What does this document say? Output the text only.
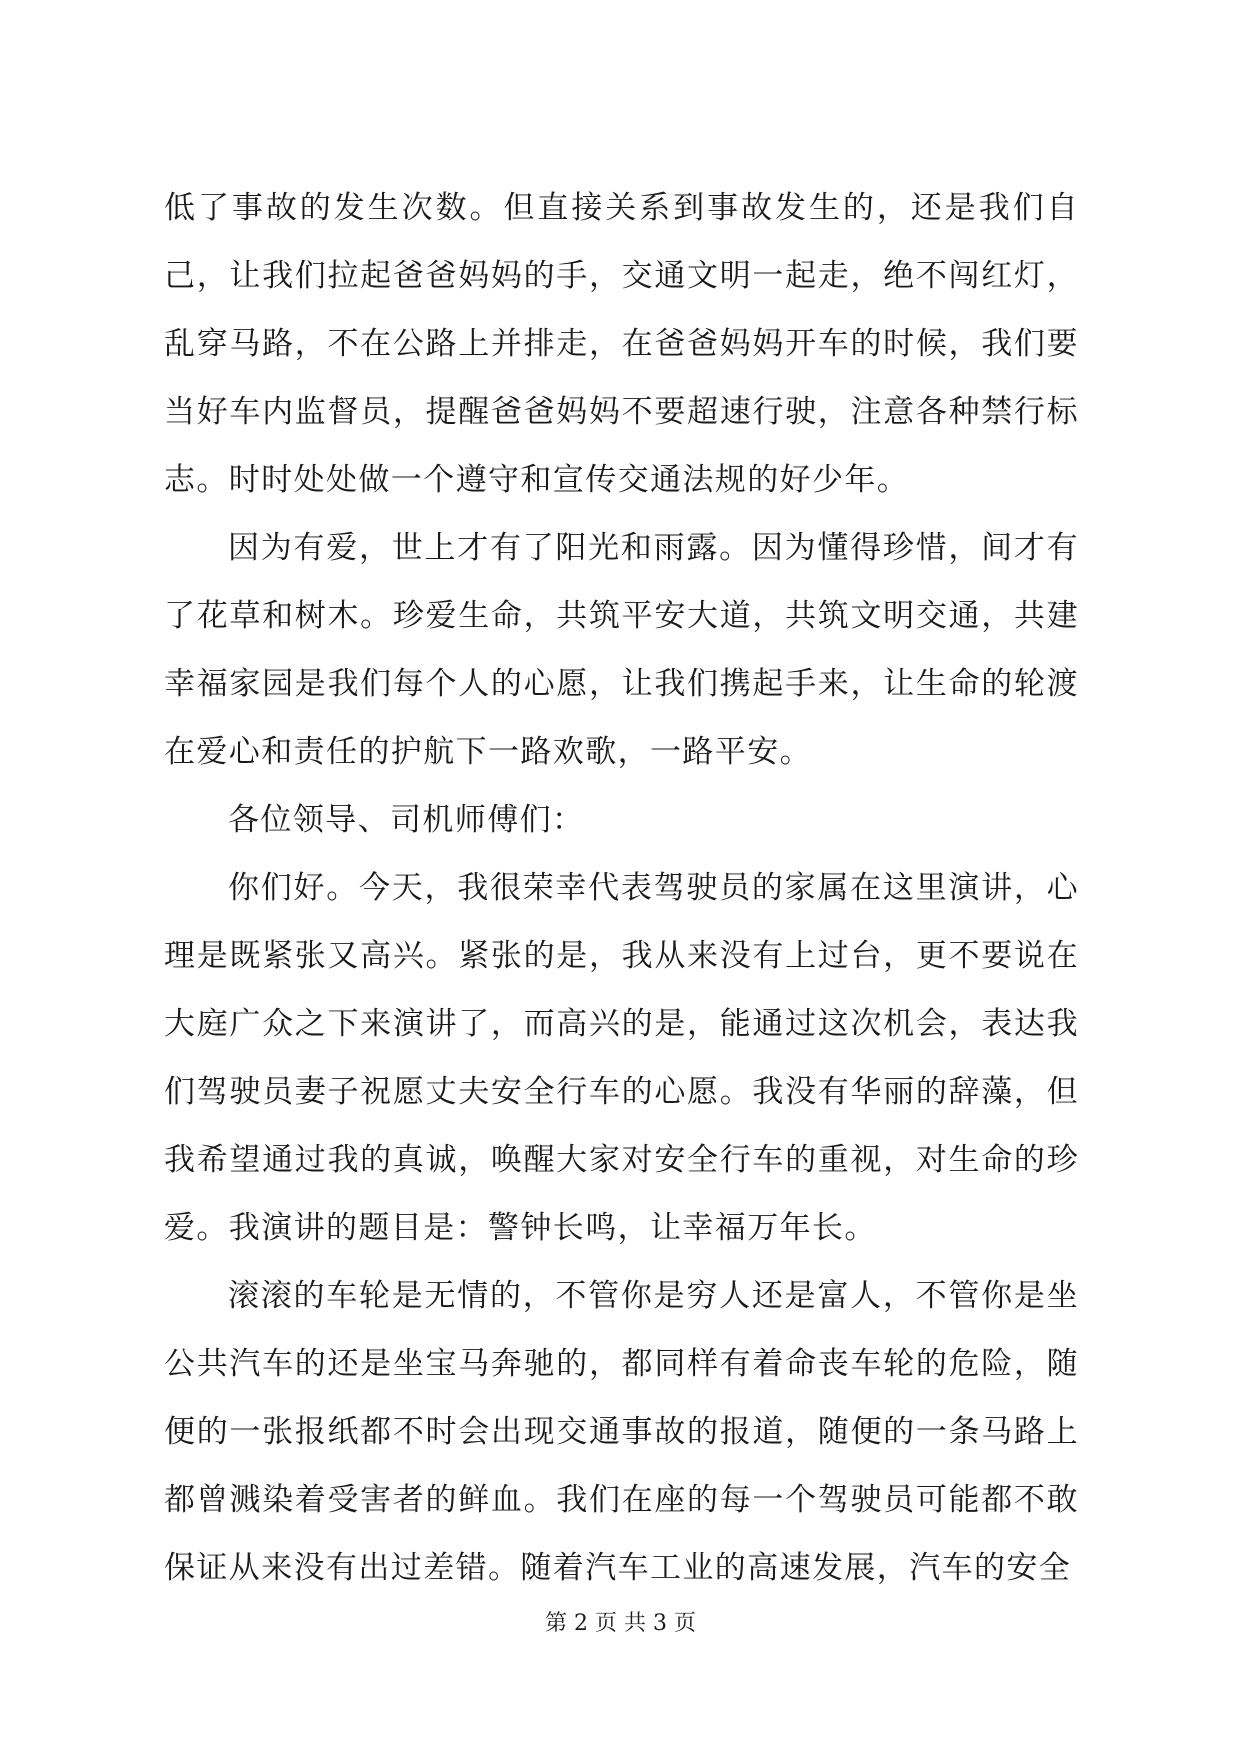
低了事故的发生次数。但直接关系到事故发生的，还是我们自己，让我们拉起爸爸妈妈的手，交通文明一起走，绝不闯红灯，乱穿马路，不在公路上并排走，在爸爸妈妈开车的时候，我们要当好车内监督员，提醒爸爸妈妈不要超速行驶，注意各种禁行标志。时时处处做一个遵守和宣传交通法规的好少年。

因为有爱，世上才有了阳光和雨露。因为懂得珍惜，间才有了花草和树木。珍爱生命，共筑平安大道，共筑文明交通，共建幸福家园是我们每个人的心愿，让我们携起手来，让生命的轮渡在爱心和责任的护航下一路欢歌，一路平安。

各位领导、司机师傅们：

你们好。今天，我很荣幸代表驾驶员的家属在这里演讲，心理是既紧张又高兴。紧张的是，我从来没有上过台，更不要说在大庭广众之下来演讲了，而高兴的是，能通过这次机会，表达我们驾驶员妻子祝愿丈夫安全行车的心愿。我没有华丽的辞藻，但我希望通过我的真诚，唤醒大家对安全行车的重视，对生命的珍爱。我演讲的题目是：警钟长鸣，让幸福万年长。

滚滚的车轮是无情的，不管你是穷人还是富人，不管你是坐公共汽车的还是坐宝马奔驰的，都同样有着命丧车轮的危险，随便的一张报纸都不时会出现交通事故的报道，随便的一条马路上都曾溅染着受害者的鲜血。我们在座的每一个驾驶员可能都不敢保证从来没有出过差错。随着汽车工业的高速发展，汽车的安全

第 2 页 共 3 页
